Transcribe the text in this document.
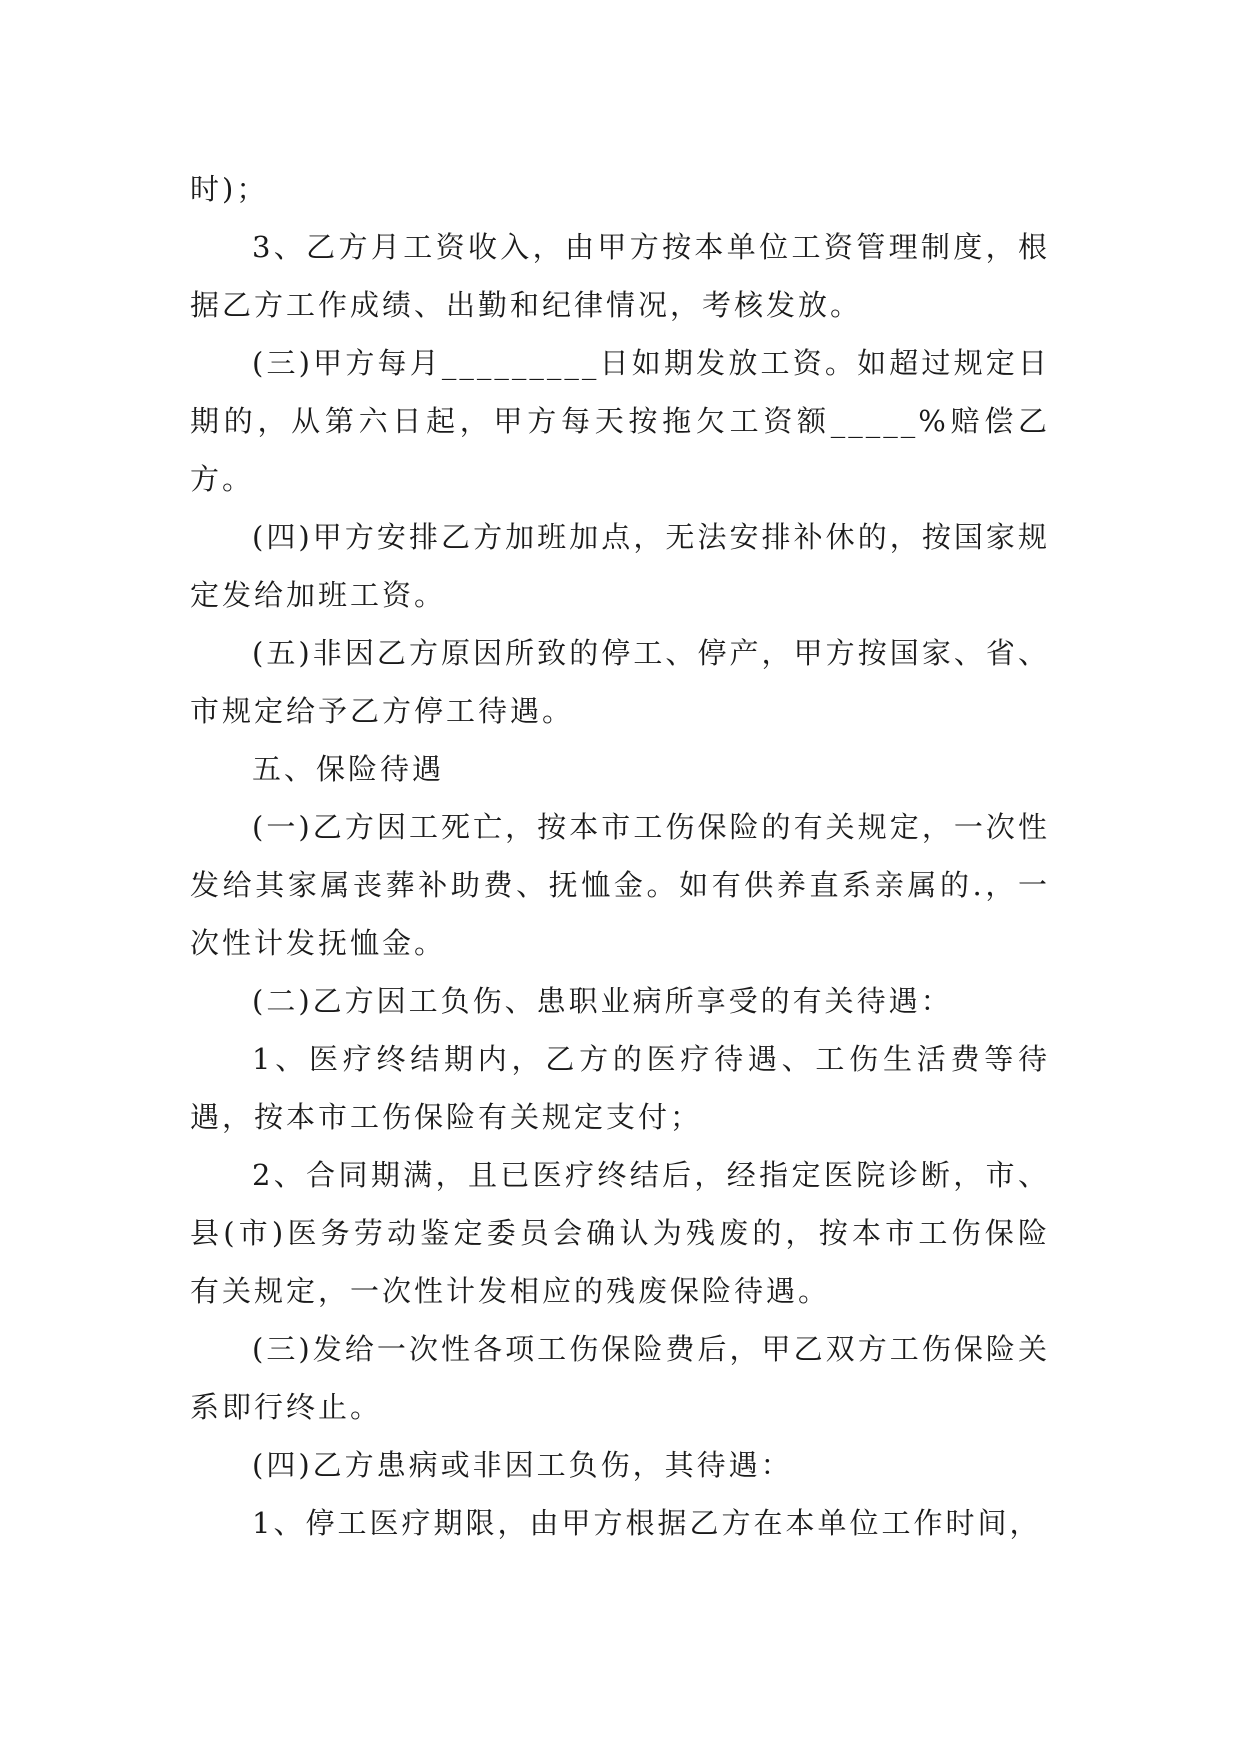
时)；

3、乙方月工资收入，由甲方按本单位工资管理制度，根据乙方工作成绩、出勤和纪律情况，考核发放。

(三)甲方每月_________日如期发放工资。如超过规定日期的，从第六日起，甲方每天按拖欠工资额_____%赔偿乙方。

(四)甲方安排乙方加班加点，无法安排补休的，按国家规定发给加班工资。

(五)非因乙方原因所致的停工、停产，甲方按国家、省、市规定给予乙方停工待遇。

五、保险待遇

(一)乙方因工死亡，按本市工伤保险的有关规定，一次性发给其家属丧葬补助费、抚恤金。如有供养直系亲属的.，一次性计发抚恤金。

(二)乙方因工负伤、患职业病所享受的有关待遇：

1、医疗终结期内，乙方的医疗待遇、工伤生活费等待遇，按本市工伤保险有关规定支付；

2、合同期满，且已医疗终结后，经指定医院诊断，市、县(市)医务劳动鉴定委员会确认为残废的，按本市工伤保险有关规定，一次性计发相应的残废保险待遇。

(三)发给一次性各项工伤保险费后，甲乙双方工伤保险关系即行终止。

(四)乙方患病或非因工负伤，其待遇：

1、停工医疗期限，由甲方根据乙方在本单位工作时间，
